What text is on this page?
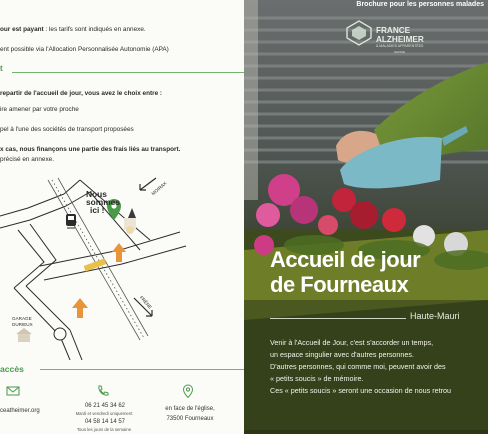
our est payant : les tarifs sont indiqués en annexe.
ent possible via l'Allocation Personnalisée Autonomie (APA)
t
repartir de l'accueil de jour, vous avez le choix entre :
ire amener par votre proche
pel à l'une des sociétés de transport proposées
x cas, nous finançons une partie des frais liés au transport.
précisé en annexe.
Nous
sommes
ici !
MOIRAX
FRÊNE
GARAGE
DURIEUX
accès
ceatheimer.org
06 21 45 34 62
Mardi et vendredi uniquement
04 58 14 14 57
Tous les jours de la semaine
en face de l'église,
73500 Fourneaux
Brochure pour les personnes malades
FRANCE
ALZHEIMER
& MALADIES APPARENTÉES
SAVOIE
Accueil de jour
de Fourneaux
Haute-Mauri
Venir à l'Accueil de Jour, c'est s'accorder un temps,
un espace singulier avec d'autres personnes.
D'autres personnes, qui comme moi, peuvent avoir des
« petits soucis » de mémoire.
Ces « petits soucis » seront une occasion de nous retrou
